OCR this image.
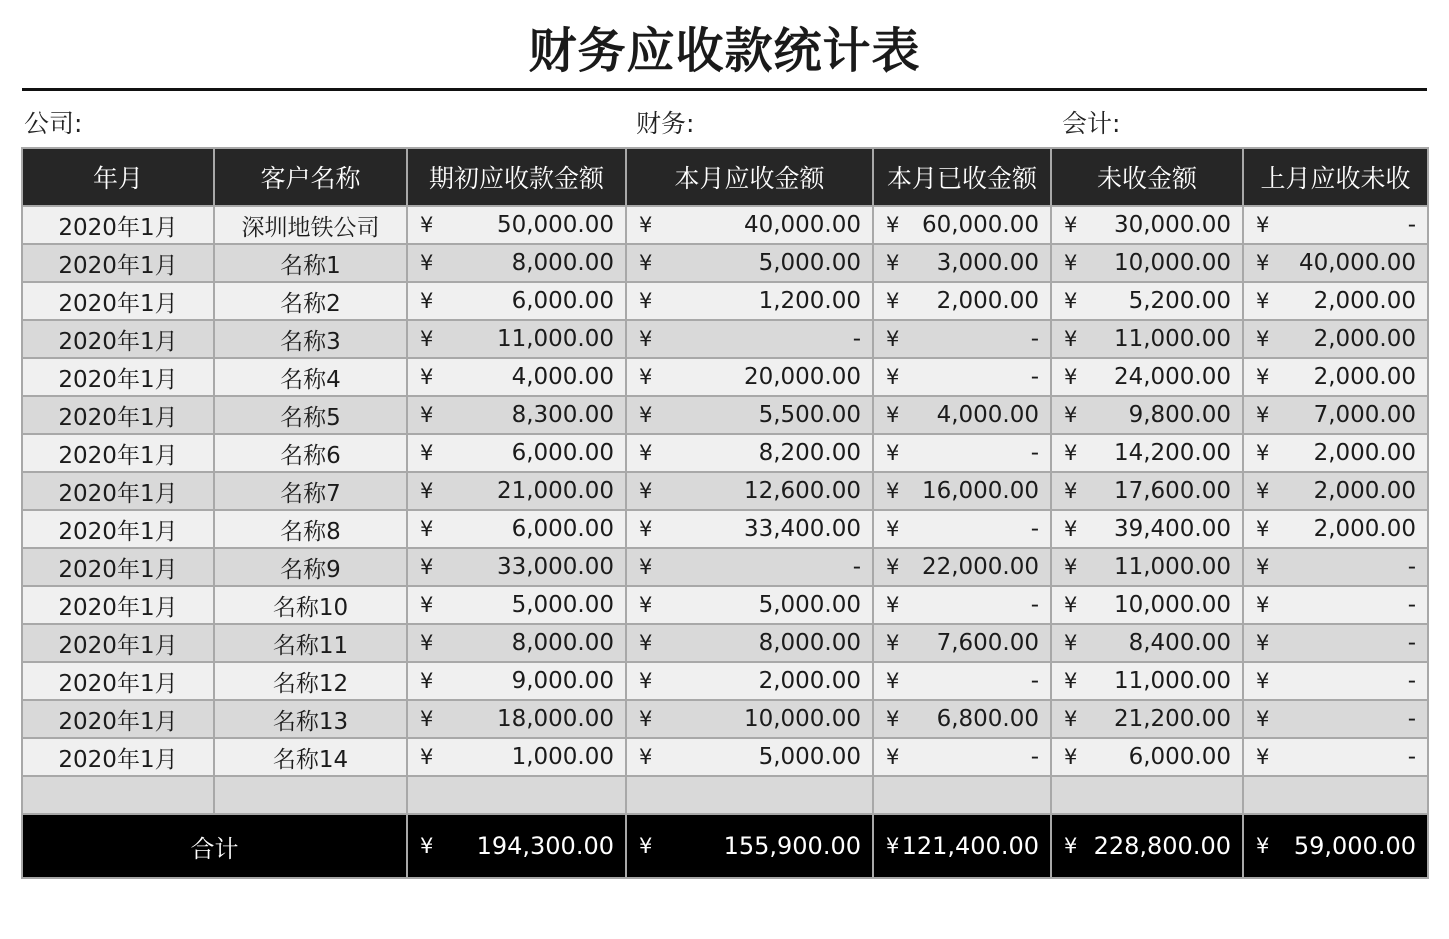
财务应收款统计表
公司:	财务:	会计:
年月	客户名称	期初应收款金额	本月应收金额	本月已收金额	未收金额	上月应收未收
2020年1月	深圳地铁公司	¥ 50,000.00	¥ 40,000.00	¥ 60,000.00	¥ 30,000.00	¥ -

2020年1月	名称1	¥ 8,000.00	¥ 5,000.00	¥ 3,000.00	¥ 10,000.00	¥ 40,000.00

2020年1月	名称2	¥ 6,000.00	¥ 1,200.00	¥ 2,000.00	¥ 5,200.00	¥ 2,000.00

2020年1月	名称3	¥ 11,000.00	¥ -	¥ -	¥ 11,000.00	¥ 2,000.00

2020年1月	名称4	¥ 4,000.00	¥ 20,000.00	¥ -	¥ 24,000.00	¥ 2,000.00

2020年1月	名称5	¥ 8,300.00	¥ 5,500.00	¥ 4,000.00	¥ 9,800.00	¥ 7,000.00

2020年1月	名称6	¥ 6,000.00	¥ 8,200.00	¥ -	¥ 14,200.00	¥ 2,000.00

2020年1月	名称7	¥ 21,000.00	¥ 12,600.00	¥ 16,000.00	¥ 17,600.00	¥ 2,000.00

2020年1月	名称8	¥ 6,000.00	¥ 33,400.00	¥ -	¥ 39,400.00	¥ 2,000.00

2020年1月	名称9	¥ 33,000.00	¥ -	¥ 22,000.00	¥ 11,000.00	¥ -

2020年1月	名称10	¥ 5,000.00	¥ 5,000.00	¥ -	¥ 10,000.00	¥ -

2020年1月	名称11	¥ 8,000.00	¥ 8,000.00	¥ 7,600.00	¥ 8,400.00	¥ -

2020年1月	名称12	¥ 9,000.00	¥ 2,000.00	¥ -	¥ 11,000.00	¥ -

2020年1月	名称13	¥ 18,000.00	¥ 10,000.00	¥ 6,800.00	¥ 21,200.00	¥ -

2020年1月	名称14	¥ 1,000.00	¥ 5,000.00	¥ -	¥ 6,000.00	¥ -

合计		¥ 194,300.00	¥ 155,900.00	¥ 121,400.00	¥ 228,800.00	¥ 59,000.00
